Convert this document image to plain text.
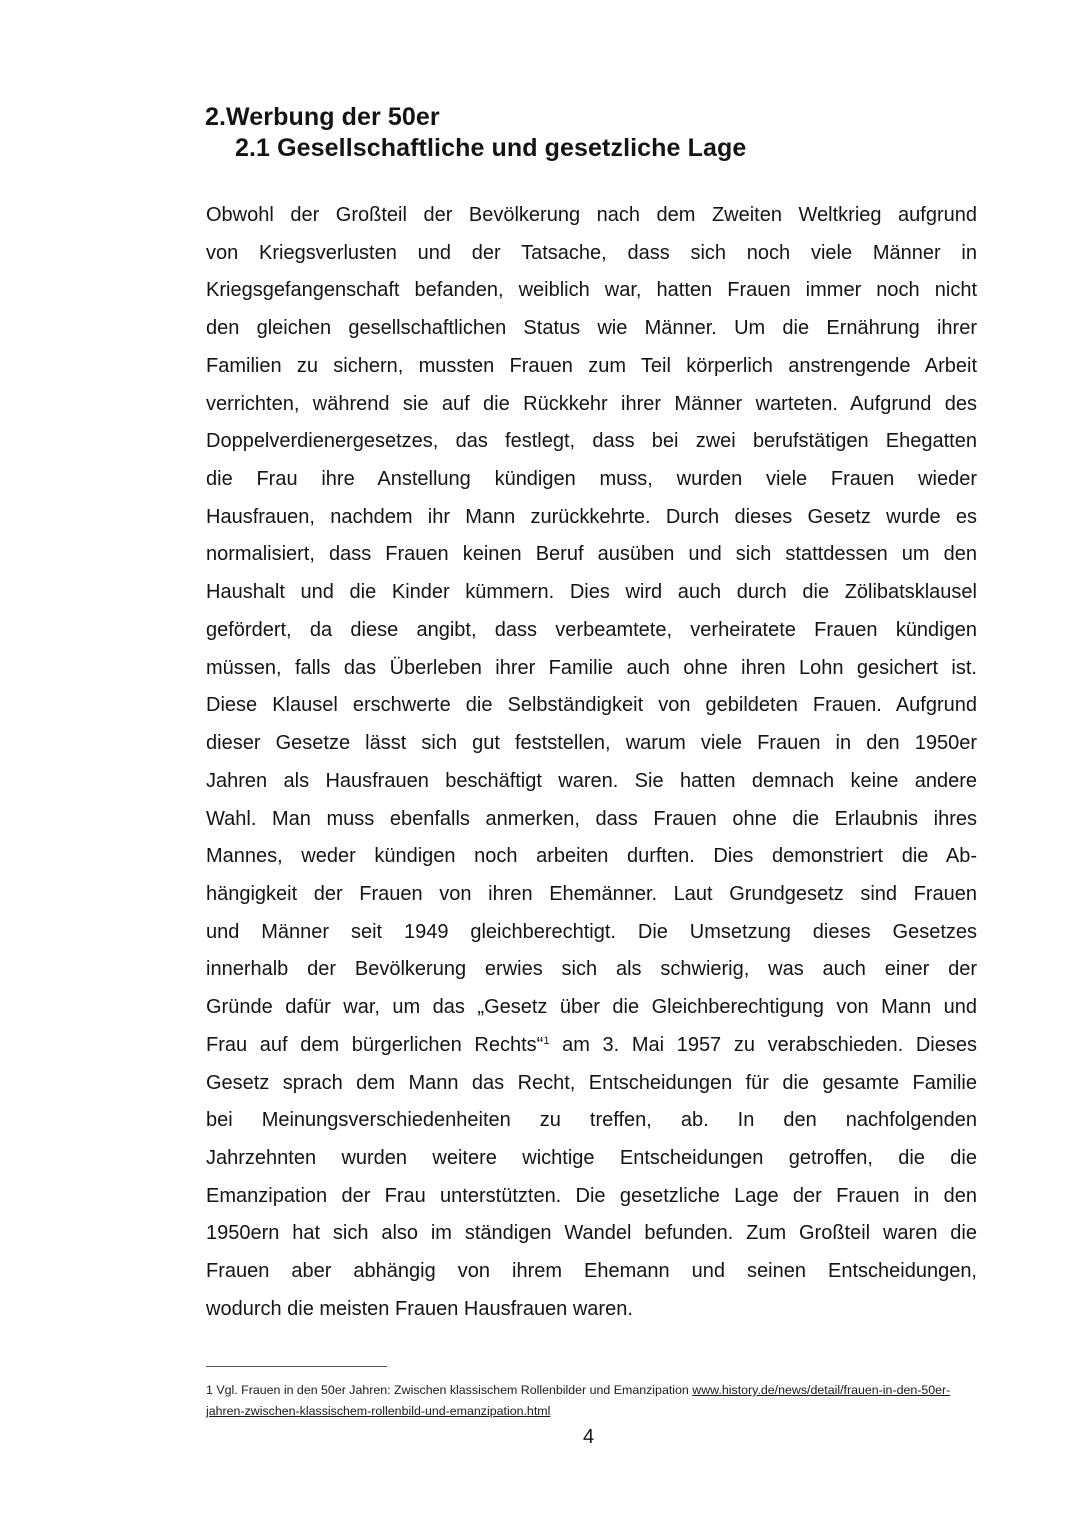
2.Werbung der 50er
2.1 Gesellschaftliche und gesetzliche Lage
Obwohl der Großteil der Bevölkerung nach dem Zweiten Weltkrieg aufgrund
von Kriegsverlusten und der Tatsache, dass sich noch viele Männer in
Kriegsgefangenschaft befanden, weiblich war, hatten Frauen immer noch nicht
den gleichen gesellschaftlichen Status wie Männer. Um die Ernährung ihrer
Familien zu sichern, mussten Frauen zum Teil körperlich anstrengende Arbeit
verrichten, während sie auf die Rückkehr ihrer Männer warteten. Aufgrund des
Doppelverdienergesetzes, das festlegt, dass bei zwei berufstätigen Ehegatten
die Frau ihre Anstellung kündigen muss, wurden viele Frauen wieder
Hausfrauen, nachdem ihr Mann zurückkehrte. Durch dieses Gesetz wurde es
normalisiert, dass Frauen keinen Beruf ausüben und sich stattdessen um den
Haushalt und die Kinder kümmern. Dies wird auch durch die Zölibatsklausel
gefördert, da diese angibt, dass verbeamtete, verheiratete Frauen kündigen
müssen, falls das Überleben ihrer Familie auch ohne ihren Lohn gesichert ist.
Diese Klausel erschwerte die Selbständigkeit von gebildeten Frauen. Aufgrund
dieser Gesetze lässt sich gut feststellen, warum viele Frauen in den 1950er
Jahren als Hausfrauen beschäftigt waren. Sie hatten demnach keine andere
Wahl. Man muss ebenfalls anmerken, dass Frauen ohne die Erlaubnis ihres
Mannes, weder kündigen noch arbeiten durften. Dies demonstriert die Ab-
hängigkeit der Frauen von ihren Ehemänner. Laut Grundgesetz sind Frauen
und Männer seit 1949 gleichberechtigt. Die Umsetzung dieses Gesetzes
innerhalb der Bevölkerung erwies sich als schwierig, was auch einer der
Gründe dafür war, um das „Gesetz über die Gleichberechtigung von Mann und
Frau auf dem bürgerlichen Rechts“$^1$ am 3. Mai 1957 zu verabschieden. Dieses
Gesetz sprach dem Mann das Recht, Entscheidungen für die gesamte Familie
bei Meinungsverschiedenheiten zu treffen, ab. In den nachfolgenden
Jahrzehnten wurden weitere wichtige Entscheidungen getroffen, die die
Emanzipation der Frau unterstützten. Die gesetzliche Lage der Frauen in den
1950ern hat sich also im ständigen Wandel befunden. Zum Großteil waren die
Frauen aber abhängig von ihrem Ehemann und seinen Entscheidungen,
wodurch die meisten Frauen Hausfrauen waren.
1 Vgl. Frauen in den 50er Jahren: Zwischen klassischem Rollenbilder und Emanzipation www.history.de/news/detail/frauen-in-den-50er-jahren-zwischen-klassischem-rollenbild-und-emanzipation.html
4
